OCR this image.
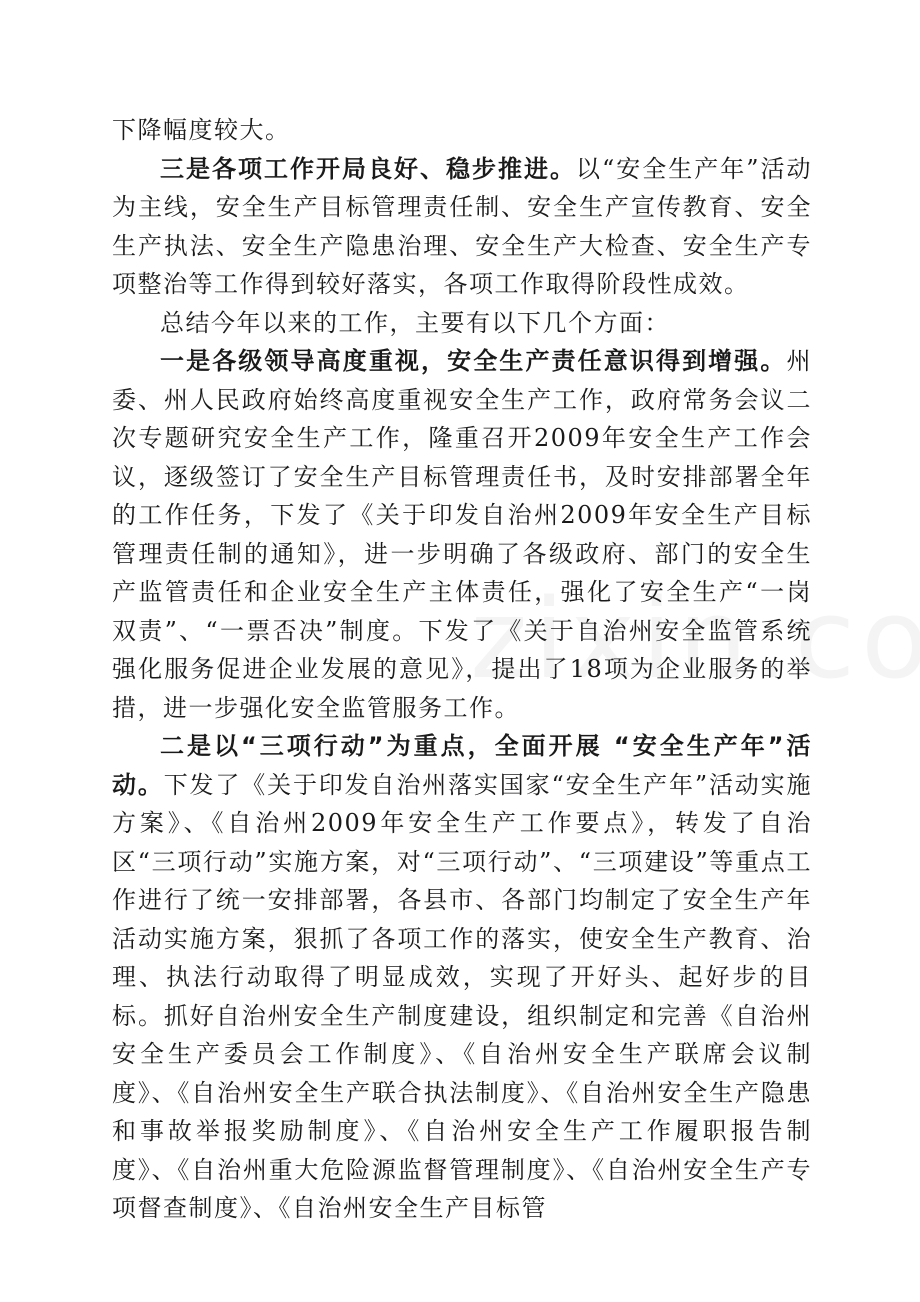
下降幅度较大。

三是各项工作开局良好、稳步推进。以“安全生产年”活动为主线，安全生产目标管理责任制、安全生产宣传教育、安全生产执法、安全生产隐患治理、安全生产大检查、安全生产专项整治等工作得到较好落实，各项工作取得阶段性成效。

总结今年以来的工作，主要有以下几个方面：

一是各级领导高度重视，安全生产责任意识得到增强。州委、州人民政府始终高度重视安全生产工作，政府常务会议二次专题研究安全生产工作，隆重召开2009年安全生产工作会议，逐级签订了安全生产目标管理责任书，及时安排部署全年的工作任务，下发了《关于印发自治州2009年安全生产目标管理责任制的通知》，进一步明确了各级政府、部门的安全生产监管责任和企业安全生产主体责任，强化了安全生产“一岗双责”、“一票否决”制度。下发了《关于自治州安全监管系统强化服务促进企业发展的意见》，提出了18项为企业服务的举措，进一步强化安全监管服务工作。

二是以“三项行动”为重点，全面开展 “安全生产年”活动。下发了《关于印发自治州落实国家“安全生产年”活动实施方案》、《自治州2009年安全生产工作要点》，转发了自治区“三项行动”实施方案，对“三项行动”、“三项建设”等重点工作进行了统一安排部署，各县市、各部门均制定了安全生产年活动实施方案，狠抓了各项工作的落实，使安全生产教育、治理、执法行动取得了明显成效，实现了开好头、起好步的目标。抓好自治州安全生产制度建设，组织制定和完善《自治州安全生产委员会工作制度》、《自治州安全生产联席会议制度》、《自治州安全生产联合执法制度》、《自治州安全生产隐患和事故举报奖励制度》、《自治州安全生产工作履职报告制度》、《自治州重大危险源监督管理制度》、《自治州安全生产专项督查制度》、《自治州安全生产目标管
